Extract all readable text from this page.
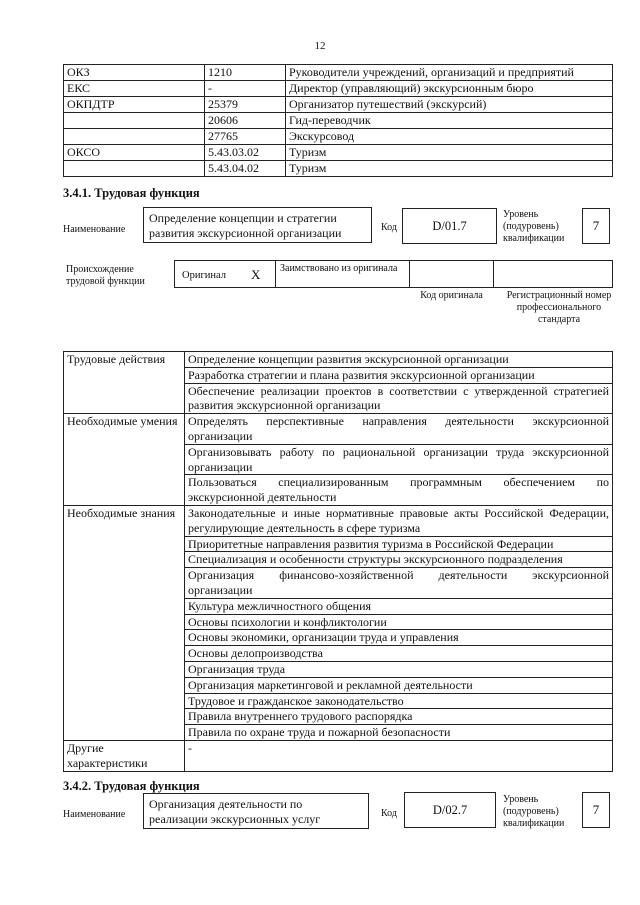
12
ОКЗ	1210	Руководители учреждений, организаций и предприятий
ЕКС	-	Директор (управляющий) экскурсионным бюро
ОКПДТР	25379	Организатор путешествий (экскурсий)
	20606	Гид-переводчик
	27765	Экскурсовод
ОКСО	5.43.03.02	Туризм
	5.43.04.02	Туризм
3.4.1. Трудовая функция
Наименование
Определение концепции и стратегии развития экскурсионной организации	Код	D/01.7
Уровень (подуровень) квалификации
7
Происхождение трудовой функции
Оригинал X Заимствовано из оригинала
Код оригинала	Регистрационный номер профессионального стандарта
Трудовые действия	Определение концепции развития экскурсионной организации
	Разработка стратегии и плана развития экскурсионной организации
	Обеспечение реализации проектов в соответствии с утвержденной стратегией развития экскурсионной организации
Необходимые умения	Определять перспективные направления деятельности экскурсионной организации
	Организовывать работу по рациональной организации труда экскурсионной организации
	Пользоваться специализированным программным обеспечением по экскурсионной деятельности
Необходимые знания	Законодательные и иные нормативные правовые акты Российской Федерации, регулирующие деятельность в сфере туризма
	Приоритетные направления развития туризма в Российской Федерации
	Специализация и особенности структуры экскурсионного подразделения
	Организация финансово-хозяйственной деятельности экскурсионной организации
	Культура межличностного общения
	Основы психологии и конфликтологии
	Основы экономики, организации труда и управления
	Основы делопроизводства
	Организация труда
	Организация маркетинговой и рекламной деятельности
	Трудовое и гражданское законодательство
	Правила внутреннего трудового распорядка
	Правила по охране труда и пожарной безопасности
Другие характеристики	-
3.4.2. Трудовая функция
Наименование
Организация деятельности по реализации экскурсионных услуг	Код	D/02.7
Уровень (подуровень) квалификации
7
